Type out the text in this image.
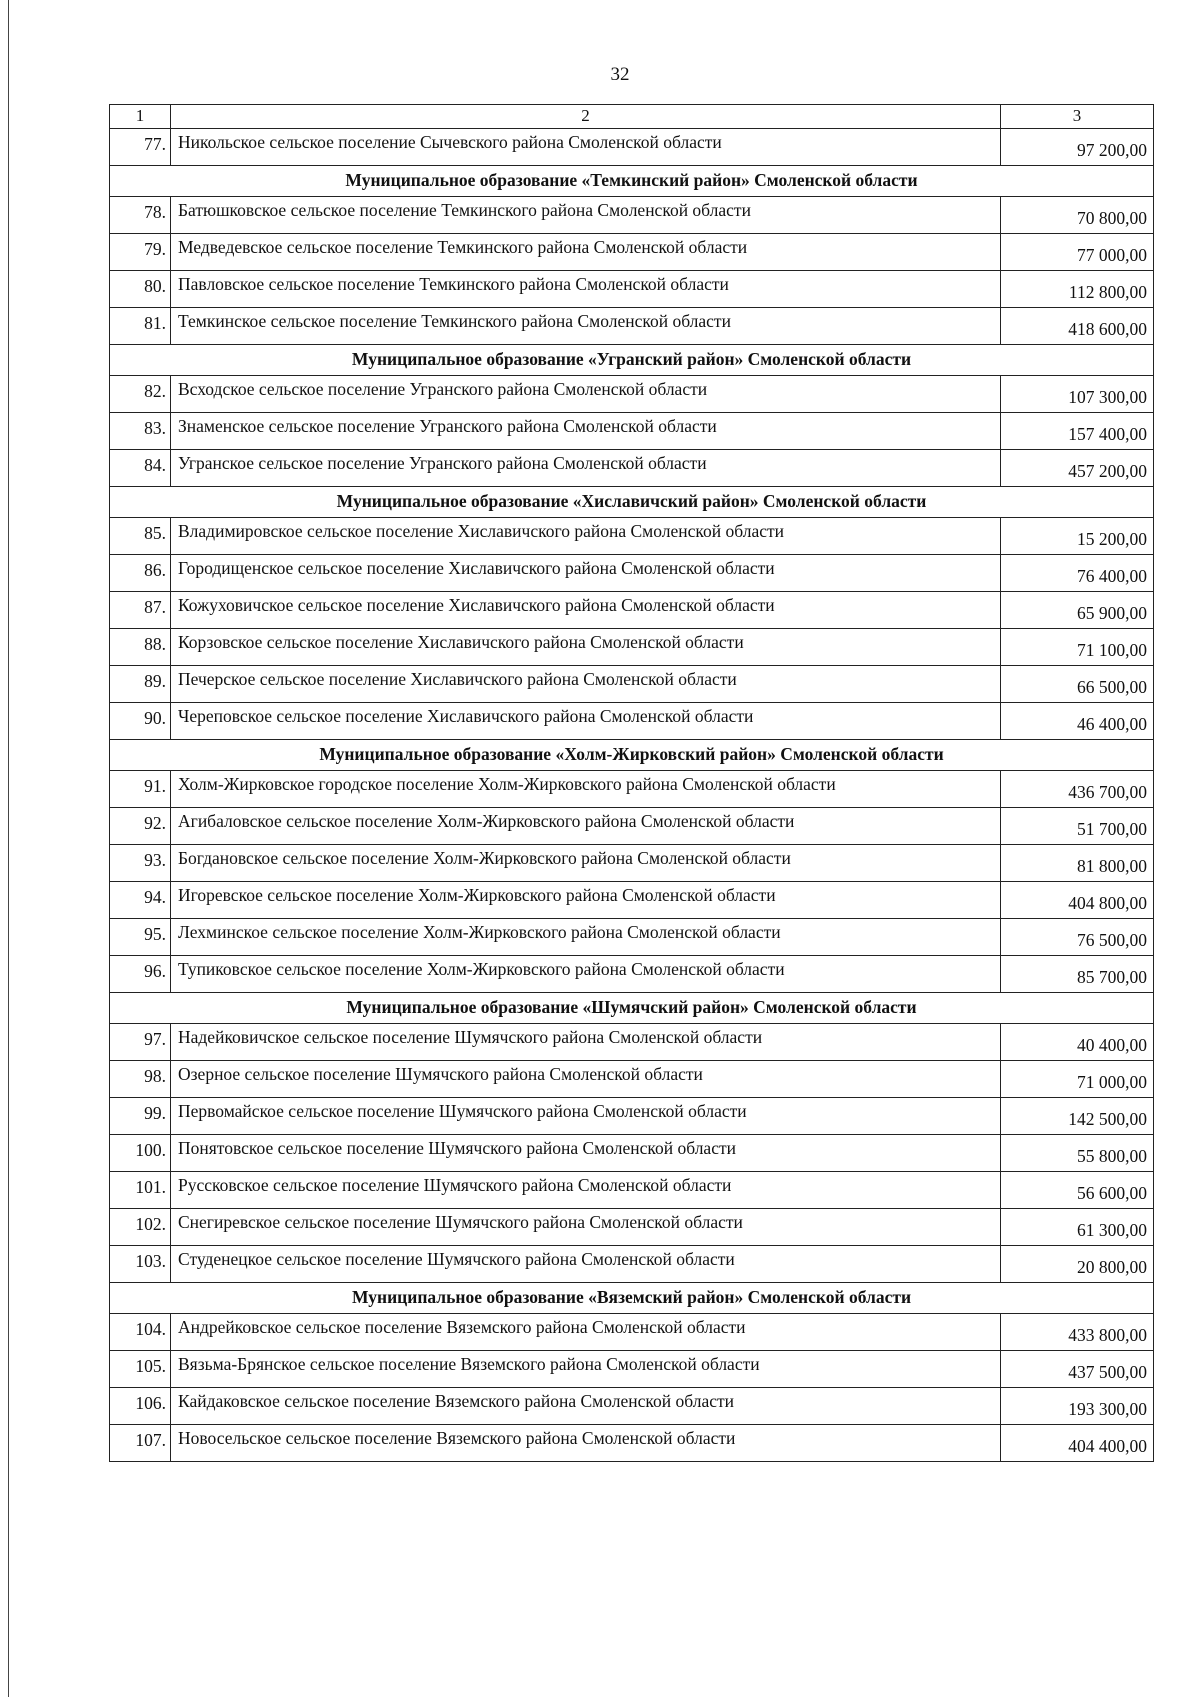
32
1	2	3
77.	Никольское сельское поселение Сычевского района Смоленской области	97 200,00
Муниципальное образование «Темкинский район» Смоленской области		
78.	Батюшковское сельское поселение Темкинского района Смоленской области	70 800,00
79.	Медведевское сельское поселение Темкинского района Смоленской области	77 000,00
80.	Павловское сельское поселение Темкинского района Смоленской области	112 800,00
81.	Темкинское сельское поселение Темкинского района Смоленской области	418 600,00
Муниципальное образование «Угранский район» Смоленской области		
82.	Всходское сельское поселение Угранского района Смоленской области	107 300,00
83.	Знаменское сельское поселение Угранского района Смоленской области	157 400,00
84.	Угранское сельское поселение Угранского района Смоленской области	457 200,00
Муниципальное образование «Хиславичский район» Смоленской области		
85.	Владимировское сельское поселение Хиславичского района Смоленской области	15 200,00
86.	Городищенское сельское поселение Хиславичского района Смоленской области	76 400,00
87.	Кожуховичское сельское поселение Хиславичского района Смоленской области	65 900,00
88.	Корзовское сельское поселение Хиславичского района Смоленской области	71 100,00
89.	Печерское сельское поселение Хиславичского района Смоленской области	66 500,00
90.	Череповское сельское поселение Хиславичского района Смоленской области	46 400,00
Муниципальное образование «Холм-Жирковский район» Смоленской области		
91.	Холм-Жирковское городское поселение Холм-Жирковского района Смоленской области	436 700,00
92.	Агибаловское сельское поселение Холм-Жирковского района Смоленской области	51 700,00
93.	Богдановское сельское поселение Холм-Жирковского района Смоленской области	81 800,00
94.	Игоревское сельское поселение Холм-Жирковского района Смоленской области	404 800,00
95.	Лехминское сельское поселение Холм-Жирковского района Смоленской области	76 500,00
96.	Тупиковское сельское поселение Холм-Жирковского района Смоленской области	85 700,00
Муниципальное образование «Шумячский район» Смоленской области		
97.	Надейковичское сельское поселение Шумячского района Смоленской области	40 400,00
98.	Озерное сельское поселение Шумячского района Смоленской области	71 000,00
99.	Первомайское сельское поселение Шумячского района Смоленской области	142 500,00
100.	Понятовское сельское поселение Шумячского района Смоленской области	55 800,00
101.	Руссковское сельское поселение Шумячского района Смоленской области	56 600,00
102.	Снегиревское сельское поселение Шумячского района Смоленской области	61 300,00
103.	Студенецкое сельское поселение Шумячского района Смоленской области	20 800,00
Муниципальное образование «Вяземский район» Смоленской области		
104.	Андрейковское сельское поселение Вяземского района Смоленской области	433 800,00
105.	Вязьма-Брянское сельское поселение Вяземского района Смоленской области	437 500,00
106.	Кайдаковское сельское поселение Вяземского района Смоленской области	193 300,00
107.	Новосельское сельское поселение Вяземского района Смоленской области	404 400,00
